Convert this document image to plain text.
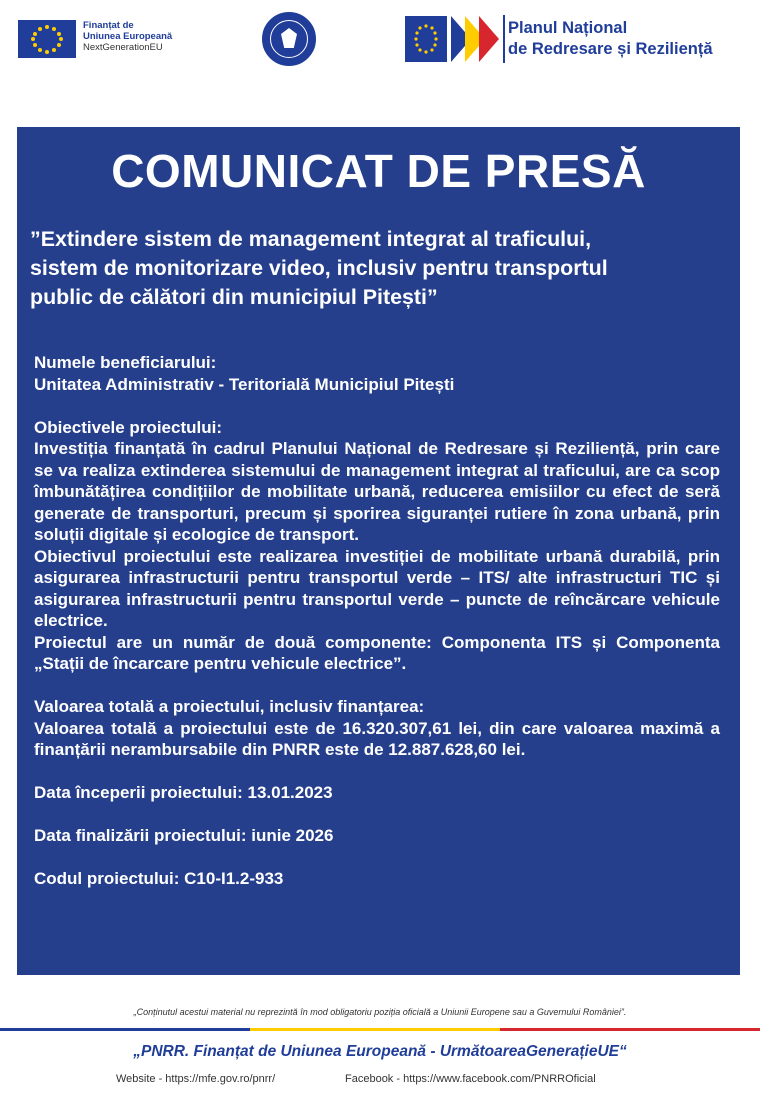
Finanțat de
Uniunea Europeană
NextGenerationEU
Planul Național
de Redresare și Reziliență
COMUNICAT DE PRESĂ
”Extindere sistem de management integrat al traficului,
sistem de monitorizare video, inclusiv pentru transportul
public de călători din municipiul Pitești”

Numele beneficiarului:

Unitatea Administrativ - Teritorială Municipiul Pitești

Obiectivele proiectului:

Investiția finanțată în cadrul Planului Național de Redresare și Reziliență, prin care se va realiza extinderea sistemului de management integrat al traficului, are ca scop îmbunătățirea condițiilor de mobilitate urbană, reducerea emisiilor cu efect de seră generate de transporturi, precum și sporirea siguranței rutiere în zona urbană, prin soluții digitale și ecologice de transport.

Obiectivul proiectului este realizarea investiției de mobilitate urbană durabilă, prin asigurarea infrastructurii pentru transportul verde – ITS/ alte infrastructuri TIC și asigurarea infrastructurii pentru transportul verde – puncte de reîncărcare vehicule electrice.

Proiectul are un număr de două componente: Componenta ITS și Componenta „Stații de încarcare pentru vehicule electrice”.

Valoarea totală a proiectului, inclusiv finanțarea:

Valoarea totală a proiectului este de 16.320.307,61 lei, din care valoarea maximă a finanțării nerambursabile din PNRR este de 12.887.628,60 lei.

Data începerii proiectului: 13.01.2023

Data finalizării proiectului: iunie 2026

Codul proiectului: C10-I1.2-933

„Conținutul acestui material nu reprezintă în mod obligatoriu poziția oficială a Uniunii Europene sau a Guvernului României”.
„PNRR. Finanțat de Uniunea Europeană - UrmătoareaGenerațieUE“
Website - https://mfe.gov.ro/pnrr/	Facebook - https://www.facebook.com/PNRROficial
